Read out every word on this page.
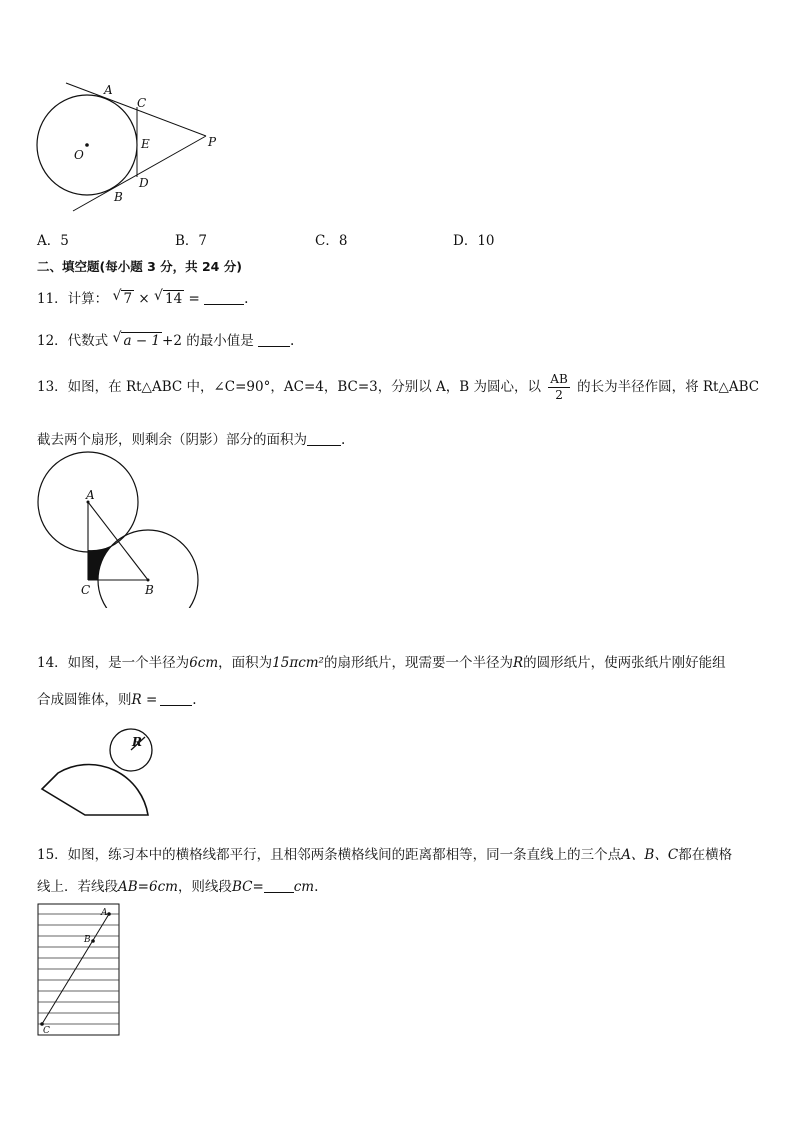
A
C
E	P
O
D
B
A．5	B．7	C．8	D．10
二、填空题(每小题 3 分，共 24 分)
11．计算： √ 7 × √ 14 =	.
12．代数式 √ a − 1 +2 的最小值是	.
13．如图，在 Rt△ABC 中，∠C=90°，AC=4，BC=3，分别以 A，B 为圆心，以 $\frac{AB}{2}$ 的长为半径作圆，将 Rt△ABC
截去两个扇形，则剩余（阴影）部分的面积为	.
A
C	B
14．如图，是一个半径为6cm，面积为15πcm²的扇形纸片，现需要一个半径为R的圆形纸片，使两张纸片刚好能组
合成圆锥体，则R =	.
R
15．如图，练习本中的横格线都平行，且相邻两条横格线间的距离都相等，同一条直线上的三个点A、B、C都在横格
线上．若线段AB=6cm，则线段BC= cm.
A
B
C
